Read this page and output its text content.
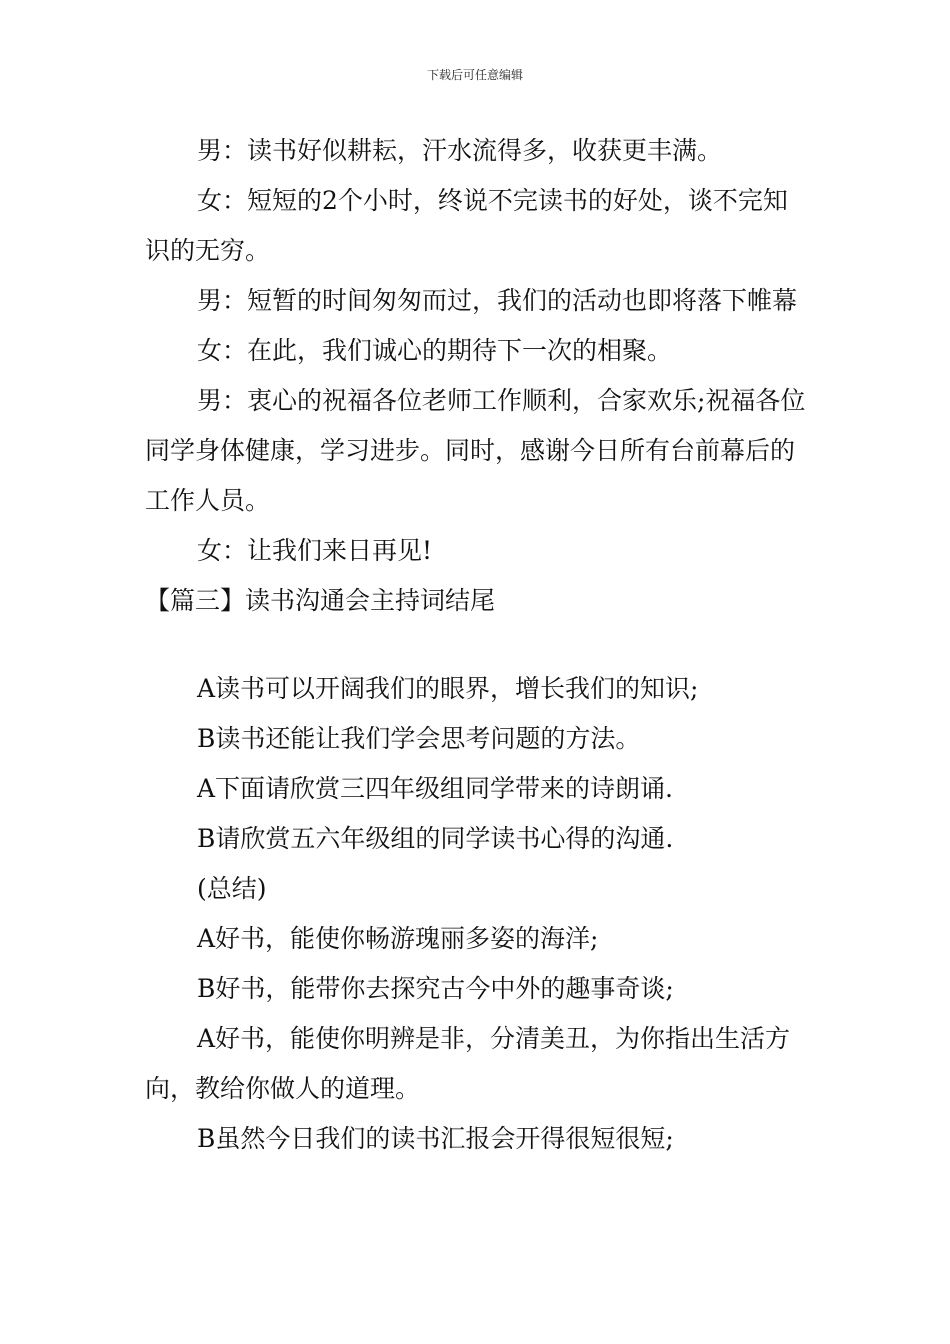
下载后可任意编辑

男：读书好似耕耘，汗水流得多，收获更丰满。

女：短短的2个小时，终说不完读书的好处，谈不完知识的无穷。

男：短暂的时间匆匆而过，我们的活动也即将落下帷幕

女：在此，我们诚心的期待下一次的相聚。

男：衷心的祝福各位老师工作顺利，合家欢乐;祝福各位同学身体健康，学习进步。同时，感谢今日所有台前幕后的工作人员。

女：让我们来日再见!

【篇三】读书沟通会主持词结尾

A读书可以开阔我们的眼界，增长我们的知识;

B读书还能让我们学会思考问题的方法。

A下面请欣赏三四年级组同学带来的诗朗诵.

B请欣赏五六年级组的同学读书心得的沟通.

(总结)

A好书，能使你畅游瑰丽多姿的海洋;

B好书，能带你去探究古今中外的趣事奇谈;

A好书，能使你明辨是非，分清美丑，为你指出生活方向，教给你做人的道理。

B虽然今日我们的读书汇报会开得很短很短;
